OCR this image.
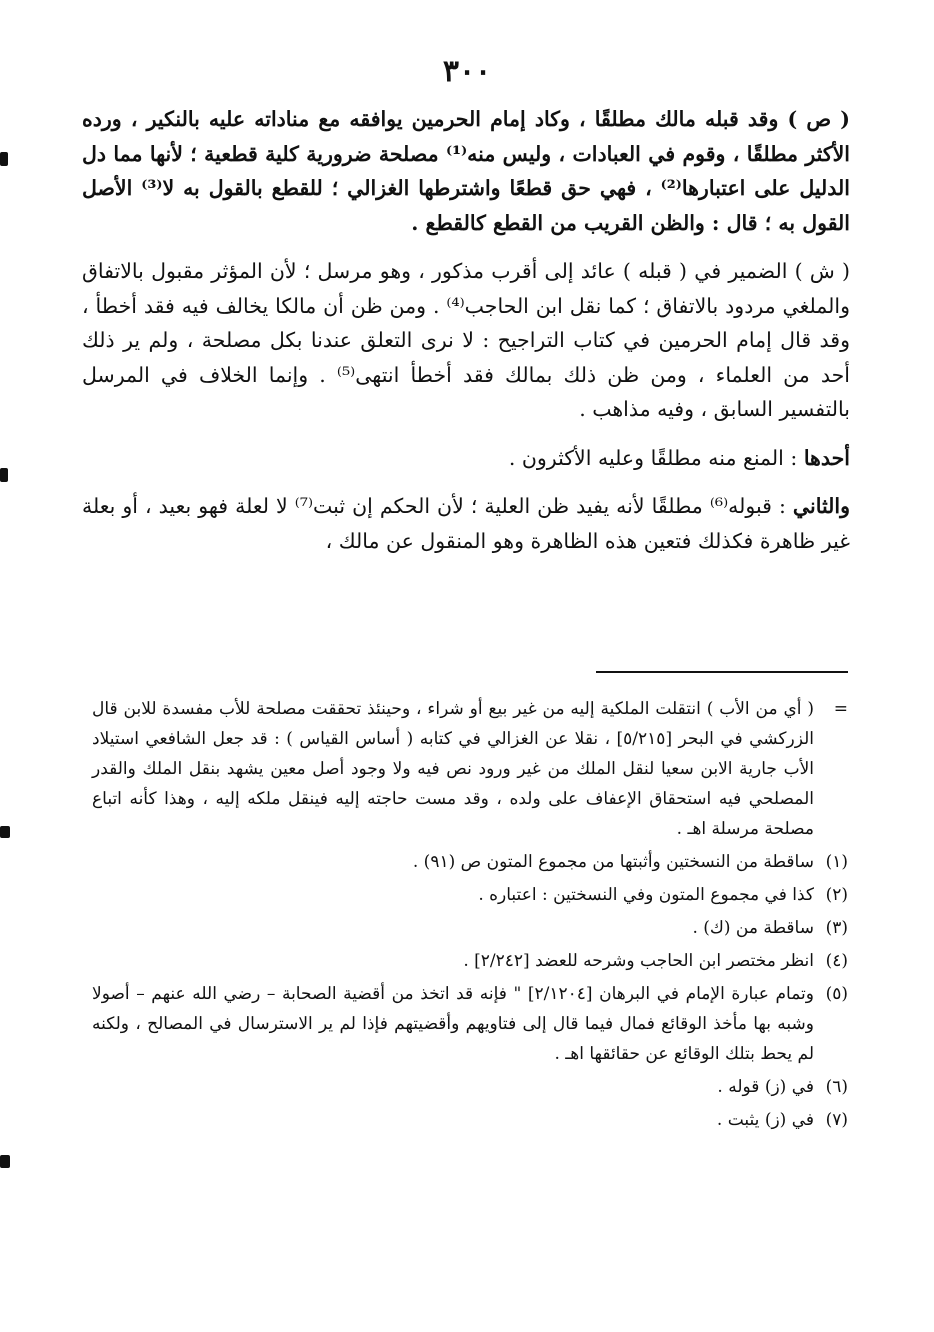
٣٠٠

( ص ) وقد قبله مالك مطلقًا ، وكاد إمام الحرمين يوافقه مع مناداته عليه بالنكير ، ورده الأكثر مطلقًا ، وقوم في العبادات ، وليس منه⁽¹⁾ مصلحة ضرورية كلية قطعية ؛ لأنها مما دل الدليل على اعتبارها⁽²⁾ ، فهي حق قطعًا واشترطها الغزالي ؛ للقطع بالقول به لا⁽³⁾ الأصل القول به ؛ قال : والظن القريب من القطع كالقطع .

( ش ) الضمير في ( قبله ) عائد إلى أقرب مذكور ، وهو مرسل ؛ لأن المؤثر مقبول بالاتفاق والملغي مردود بالاتفاق ؛ كما نقل ابن الحاجب⁽⁴⁾ . ومن ظن أن مالكا يخالف فيه فقد أخطأ ، وقد قال إمام الحرمين في كتاب التراجيح : لا نرى التعلق عندنا بكل مصلحة ، ولم ير ذلك أحد من العلماء ، ومن ظن ذلك بمالك فقد أخطأ انتهى⁽⁵⁾ . وإنما الخلاف في المرسل بالتفسير السابق ، وفيه مذاهب .

أحدها : المنع منه مطلقًا وعليه الأكثرون .

والثاني : قبوله⁽⁶⁾ مطلقًا لأنه يفيد ظن العلية ؛ لأن الحكم إن ثبت⁽⁷⁾ لا لعلة فهو بعيد ، أو بعلة غير ظاهرة فكذلك فتعين هذه الظاهرة وهو المنقول عن مالك ،

=
( أي من الأب ) انتقلت الملكية إليه من غير بيع أو شراء ، وحينئذ تحققت مصلحة للأب مفسدة للابن قال الزركشي في البحر [٥/٢١٥] ، نقلا عن الغزالي في كتابه ( أساس القياس ) : قد جعل الشافعي استيلاد الأب جارية الابن سعيا لنقل الملك من غير ورود نص فيه ولا وجود أصل معين يشهد بنقل الملك والقدر المصلحي فيه استحقاق الإعفاف على ولده ، وقد مست حاجته إليه فينقل ملكه إليه ، وهذا كأنه اتباع مصلحة مرسلة اهـ .

(١)
ساقطة من النسختين وأثبتها من مجموع المتون ص (٩١) .

(٢)
كذا في مجموع المتون وفي النسختين : اعتباره .

(٣)
ساقطة من (ك) .

(٤)
انظر مختصر ابن الحاجب وشرحه للعضد [٢/٢٤٢] .

(٥)
وتمام عبارة الإمام في البرهان [٢/١٢٠٤] " فإنه قد اتخذ من أقضية الصحابة – رضي الله عنهم – أصولا وشبه بها مأخذ الوقائع فمال فيما قال إلى فتاويهم وأقضيتهم فإذا لم ير الاسترسال في المصالح ، ولكنه لم يحط بتلك الوقائع عن حقائقها اهـ .

(٦)
في (ز) قوله .

(٧)
في (ز) يثبت .
